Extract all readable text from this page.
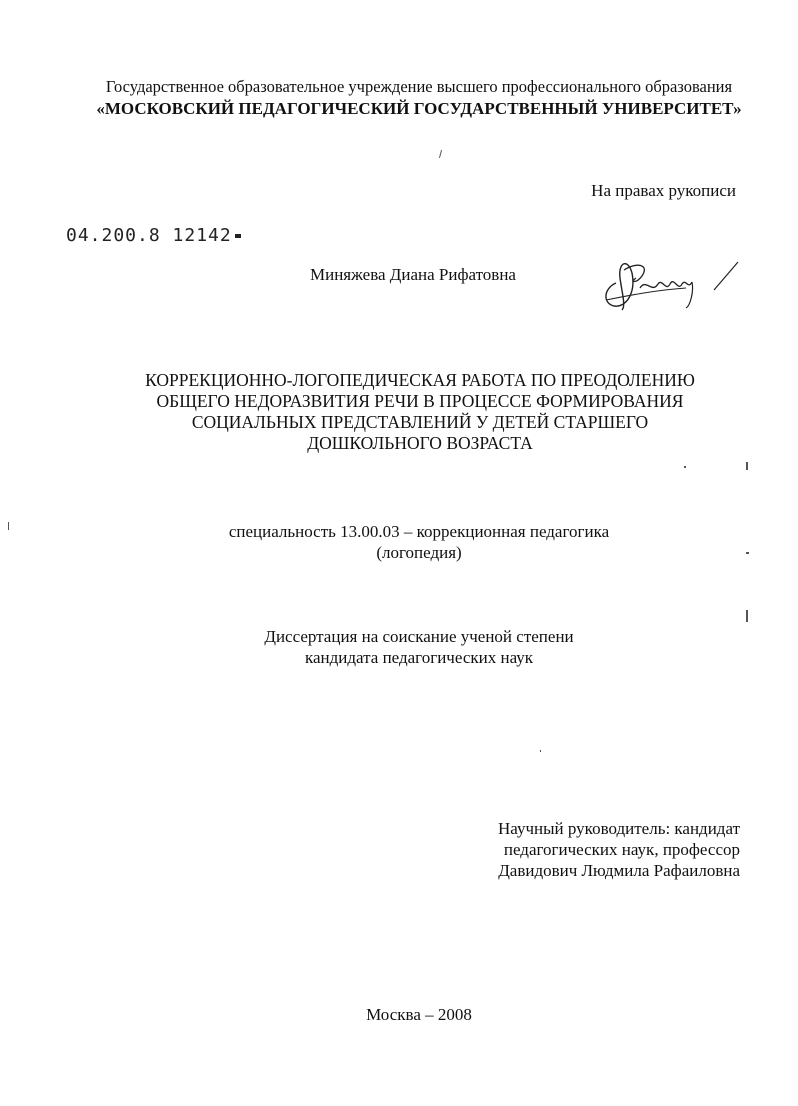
Государственное образовательное учреждение высшего профессионального образования
«МОСКОВСКИЙ ПЕДАГОГИЧЕСКИЙ ГОСУДАРСТВЕННЫЙ УНИВЕРСИТЕТ»
На правах рукописи
04.200.8 12142
Миняжева Диана Рифатовна
КОРРЕКЦИОННО-ЛОГОПЕДИЧЕСКАЯ РАБОТА ПО ПРЕОДОЛЕНИЮ
ОБЩЕГО НЕДОРАЗВИТИЯ РЕЧИ В ПРОЦЕССЕ ФОРМИРОВАНИЯ
СОЦИАЛЬНЫХ ПРЕДСТАВЛЕНИЙ У ДЕТЕЙ СТАРШЕГО
ДОШКОЛЬНОГО ВОЗРАСТА
специальность 13.00.03 – коррекционная педагогика
(логопедия)
Диссертация на соискание ученой степени
кандидата педагогических наук
Научный руководитель: кандидат
педагогических наук, профессор
Давидович Людмила Рафаиловна
Москва – 2008
